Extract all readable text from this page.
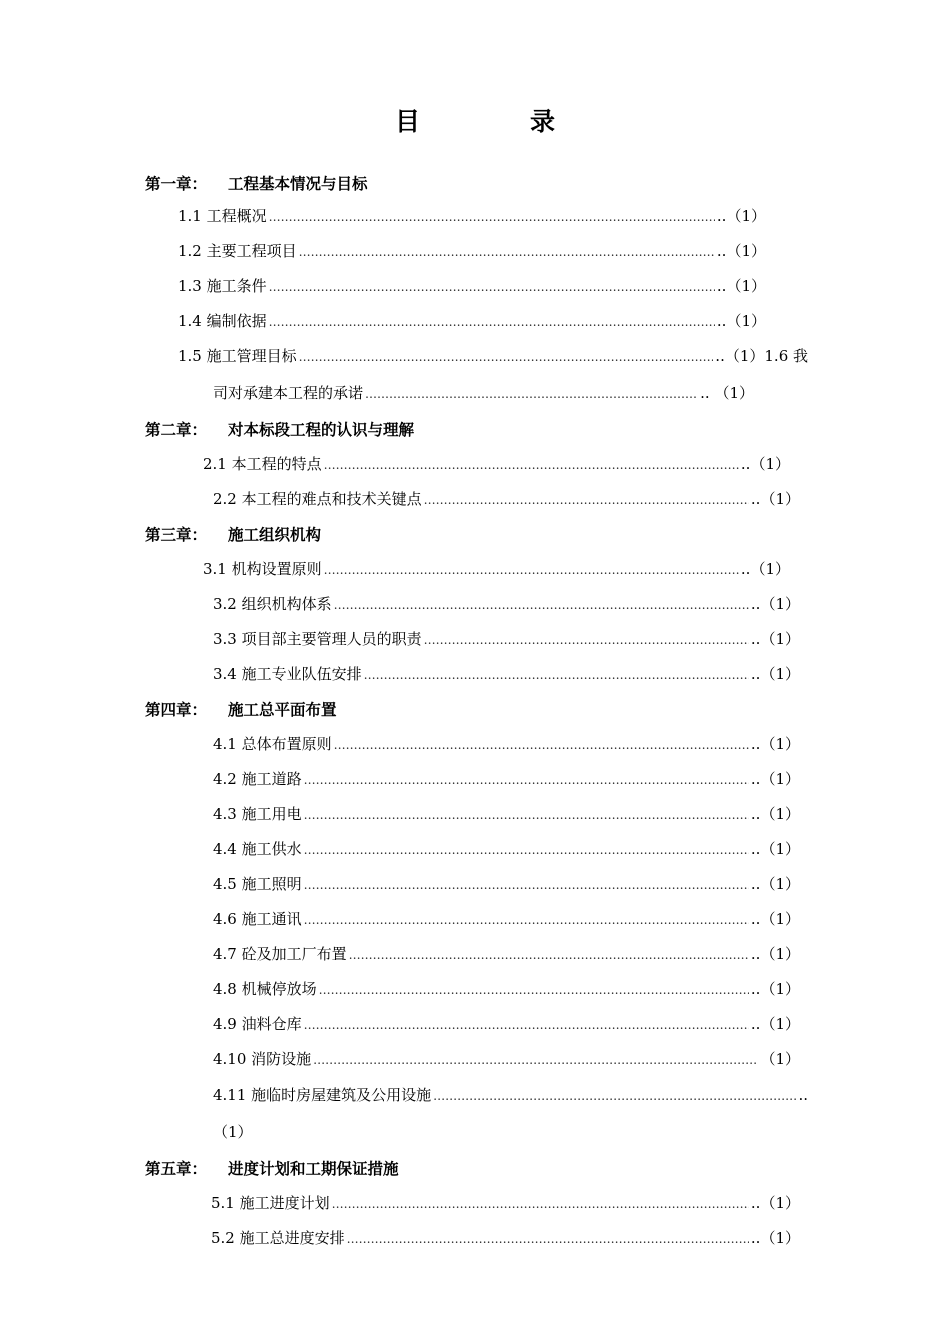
目	录
第一章： 工程基本情况与目标
1.1 工程概况 …………………………………………………………………………………………………………………………………………………………………………………………………	..（1）
1.2 主要工程项目 …………………………………………………………………………………………………………………………………………………………………………………………………	..（1）
1.3 施工条件 …………………………………………………………………………………………………………………………………………………………………………………………………	..（1）
1.4 编制依据 …………………………………………………………………………………………………………………………………………………………………………………………………	..（1）
1.5 施工管理目标 …………………………………………………………………………………………………………………………………………………………………………………………………	..（1）1.6 我
司对承建本工程的承诺 …………………………………………………………………………………………………………………………………………………………………………………………………	.. （1）
第二章： 对本标段工程的认识与理解
2.1 本工程的特点 …………………………………………………………………………………………………………………………………………………………………………………………………	..（1）
2.2 本工程的难点和技术关键点 …………………………………………………………………………………………………………………………………………………………………………………………………	..（1）
第三章： 施工组织机构
3.1 机构设置原则 …………………………………………………………………………………………………………………………………………………………………………………………………	..（1）
3.2 组织机构体系 …………………………………………………………………………………………………………………………………………………………………………………………………	..（1）
3.3 项目部主要管理人员的职责 …………………………………………………………………………………………………………………………………………………………………………………………………	..（1）
3.4 施工专业队伍安排 …………………………………………………………………………………………………………………………………………………………………………………………………	..（1）
第四章： 施工总平面布置
4.1 总体布置原则 …………………………………………………………………………………………………………………………………………………………………………………………………	..（1）
4.2 施工道路 …………………………………………………………………………………………………………………………………………………………………………………………………	..（1）
4.3 施工用电 …………………………………………………………………………………………………………………………………………………………………………………………………	..（1）
4.4 施工供水 …………………………………………………………………………………………………………………………………………………………………………………………………	..（1）
4.5 施工照明 …………………………………………………………………………………………………………………………………………………………………………………………………	..（1）
4.6 施工通讯 …………………………………………………………………………………………………………………………………………………………………………………………………	..（1）
4.7 砼及加工厂布置 …………………………………………………………………………………………………………………………………………………………………………………………………	..（1）
4.8 机械停放场 …………………………………………………………………………………………………………………………………………………………………………………………………	..（1）
4.9 油料仓库 …………………………………………………………………………………………………………………………………………………………………………………………………	..（1）
4.10 消防设施 …………………………………………………………………………………………………………………………………………………………………………………………………	（1）
4.11 施临时房屋建筑及公用设施 …………………………………………………………………………………………………………………………………………………………………………………………………	..
（1）
第五章： 进度计划和工期保证措施
5.1 施工进度计划 …………………………………………………………………………………………………………………………………………………………………………………………………	..（1）
5.2 施工总进度安排 …………………………………………………………………………………………………………………………………………………………………………………………………	..（1）
